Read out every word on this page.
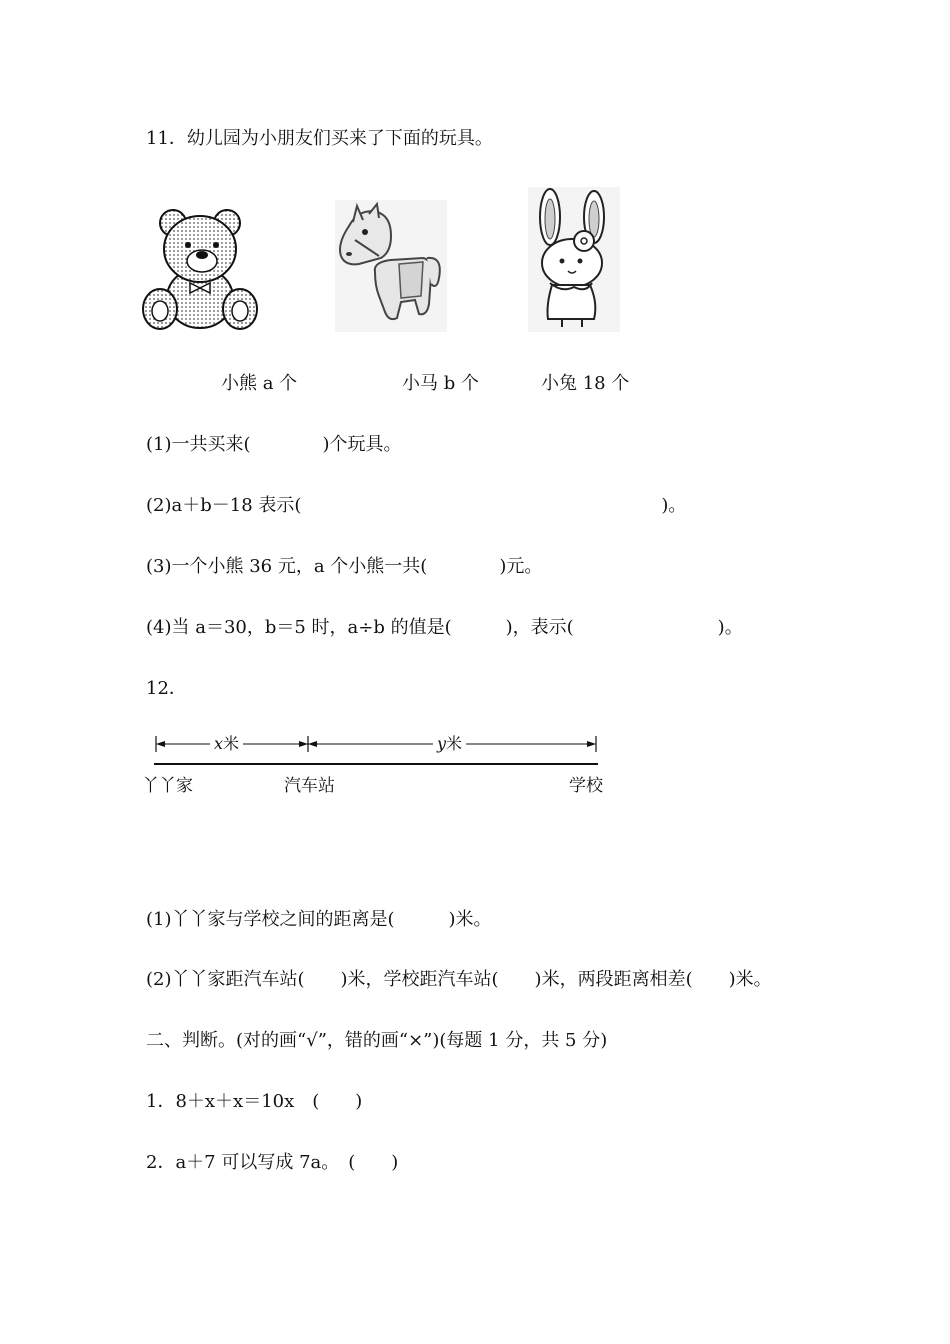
11．幼儿园为小朋友们买来了下面的玩具。
小熊 a 个	小马 b 个	小兔 18 个
(1)一共买来(　　　　)个玩具。
(2)a＋b－18 表示(　　　　　　　　　　　　　　　　　　　　)。
(3)一个小熊 36 元，a 个小熊一共(　　　　)元。
(4)当 a＝30，b＝5 时，a÷b 的值是(　　　)，表示(　　　　　　　　)。
12．
x米	y米
丫丫家	汽车站	学校
(1)丫丫家与学校之间的距离是(　　　)米。
(2)丫丫家距汽车站(　　)米，学校距汽车站(　　)米，两段距离相差(　　)米。
二、判断。(对的画“√”，错的画“×”)(每题 1 分，共 5 分)
1．8＋x＋x＝10x　(　　)
2．a＋7 可以写成 7a。　(　　)
